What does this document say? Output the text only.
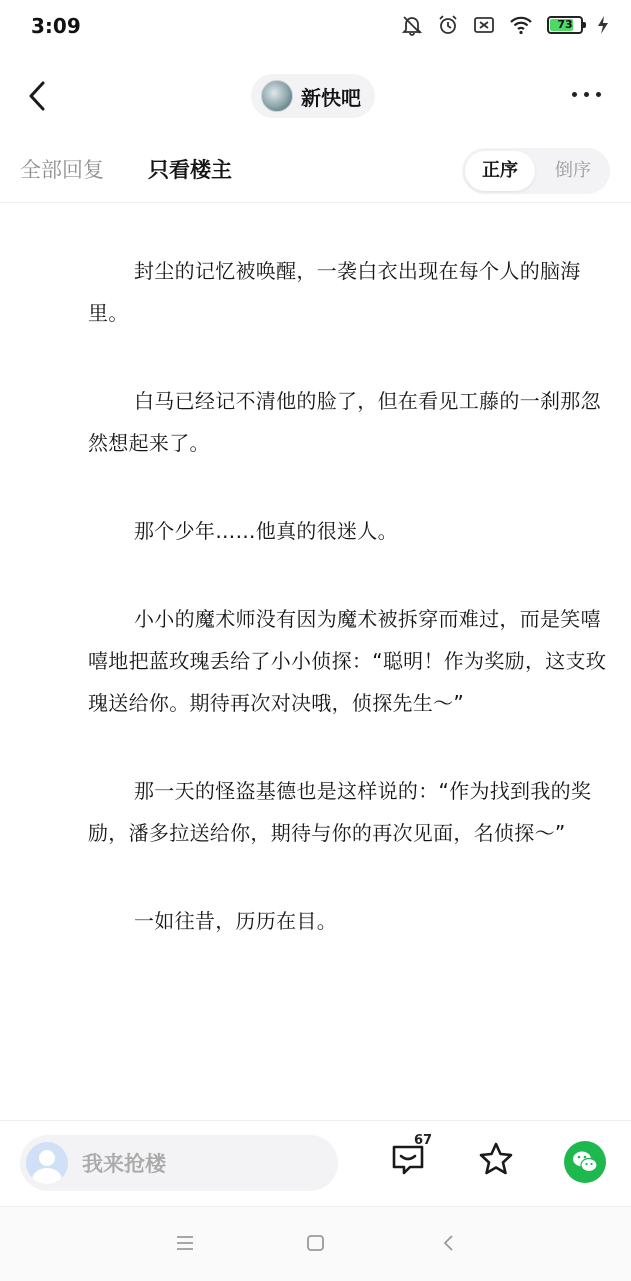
3:09	73
新快吧
全部回复 只看楼主	正序	倒序

封尘的记忆被唤醒，一袭白衣出现在每个人的脑海里。

白马已经记不清他的脸了，但在看见工藤的一刹那忽然想起来了。

那个少年……他真的很迷人。

小小的魔术师没有因为魔术被拆穿而难过，而是笑嘻嘻地把蓝玫瑰丢给了小小侦探：“聪明！作为奖励，这支玫瑰送给你。期待再次对决哦，侦探先生～”

那一天的怪盗基德也是这样说的：“作为找到我的奖励，潘多拉送给你，期待与你的再次见面，名侦探～”

一如往昔，历历在目。

我来抢楼
67
